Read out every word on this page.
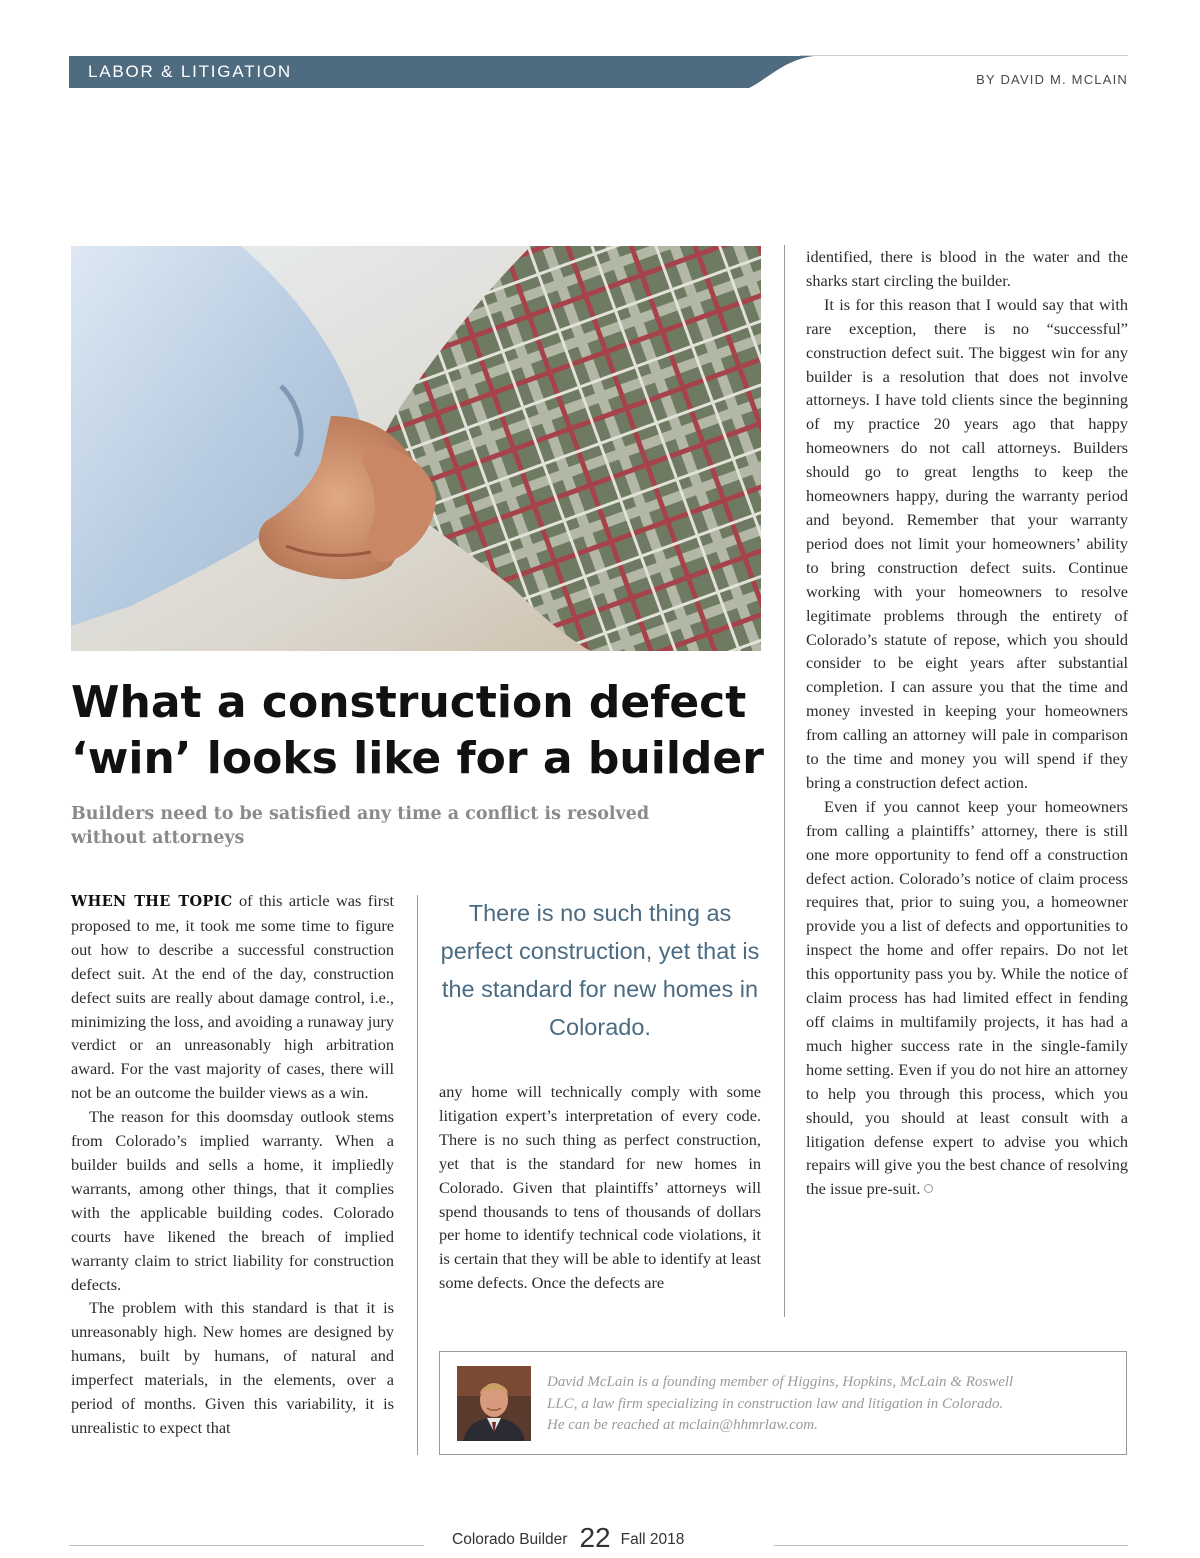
LABOR & LITIGATION	BY DAVID M. MCLAIN
What a construction defect
‘win’ looks like for a builder
Builders need to be satisfied any time a conflict is resolved
without attorneys

WHEN THE TOPIC of this article was first proposed to me, it took me some time to figure out how to describe a successful construction defect suit. At the end of the day, construction defect suits are really about damage control, i.e., minimizing the loss, and avoiding a runaway jury verdict or an unreasonably high arbitration award. For the vast majority of cases, there will not be an outcome the builder views as a win.

The reason for this doomsday outlook stems from Colorado’s implied warranty. When a builder builds and sells a home, it impliedly warrants, among other things, that it complies with the applicable building codes. Colorado courts have likened the breach of implied warranty claim to strict liability for construction defects.

The problem with this standard is that it is unreasonably high. New homes are designed by humans, built by humans, of natural and imperfect materials, in the elements, over a period of months. Given this variability, it is unrealistic to expect that

There is no such thing as perfect construction, yet that is the standard for new homes in Colorado.

any home will technically comply with some litigation expert’s interpretation of every code. There is no such thing as perfect construction, yet that is the standard for new homes in Colorado. Given that plaintiffs’ attorneys will spend thousands to tens of thousands of dollars per home to identify technical code violations, it is certain that they will be able to identify at least some defects. Once the defects are

identified, there is blood in the water and the sharks start circling the builder.

It is for this reason that I would say that with rare exception, there is no “successful” construction defect suit. The biggest win for any builder is a resolution that does not involve attorneys. I have told clients since the beginning of my practice 20 years ago that happy homeowners do not call attorneys. Builders should go to great lengths to keep the homeowners happy, during the warranty period and beyond. Remember that your warranty period does not limit your homeowners’ ability to bring construction defect suits. Continue working with your homeowners to resolve legitimate problems through the entirety of Colorado’s statute of repose, which you should consider to be eight years after substantial completion. I can assure you that the time and money invested in keeping your homeowners from calling an attorney will pale in comparison to the time and money you will spend if they bring a construction defect action.

Even if you cannot keep your homeowners from calling a plaintiffs’ attorney, there is still one more opportunity to fend off a construction defect action. Colorado’s notice of claim process requires that, prior to suing you, a homeowner provide you a list of defects and opportunities to inspect the home and offer repairs. Do not let this opportunity pass you by. While the notice of claim process has had limited effect in fending off claims in multifamily projects, it has had a much higher success rate in the single-family home setting. Even if you do not hire an attorney to help you through this process, which you should, you should at least consult with a litigation defense expert to advise you which repairs will give you the best chance of resolving the issue pre-suit.

David McLain is a founding member of Higgins, Hopkins, McLain & Roswell
LLC, a law firm specializing in construction law and litigation in Colorado.
He can be reached at mclain@hhmrlaw.com.
Colorado Builder 22 Fall 2018
